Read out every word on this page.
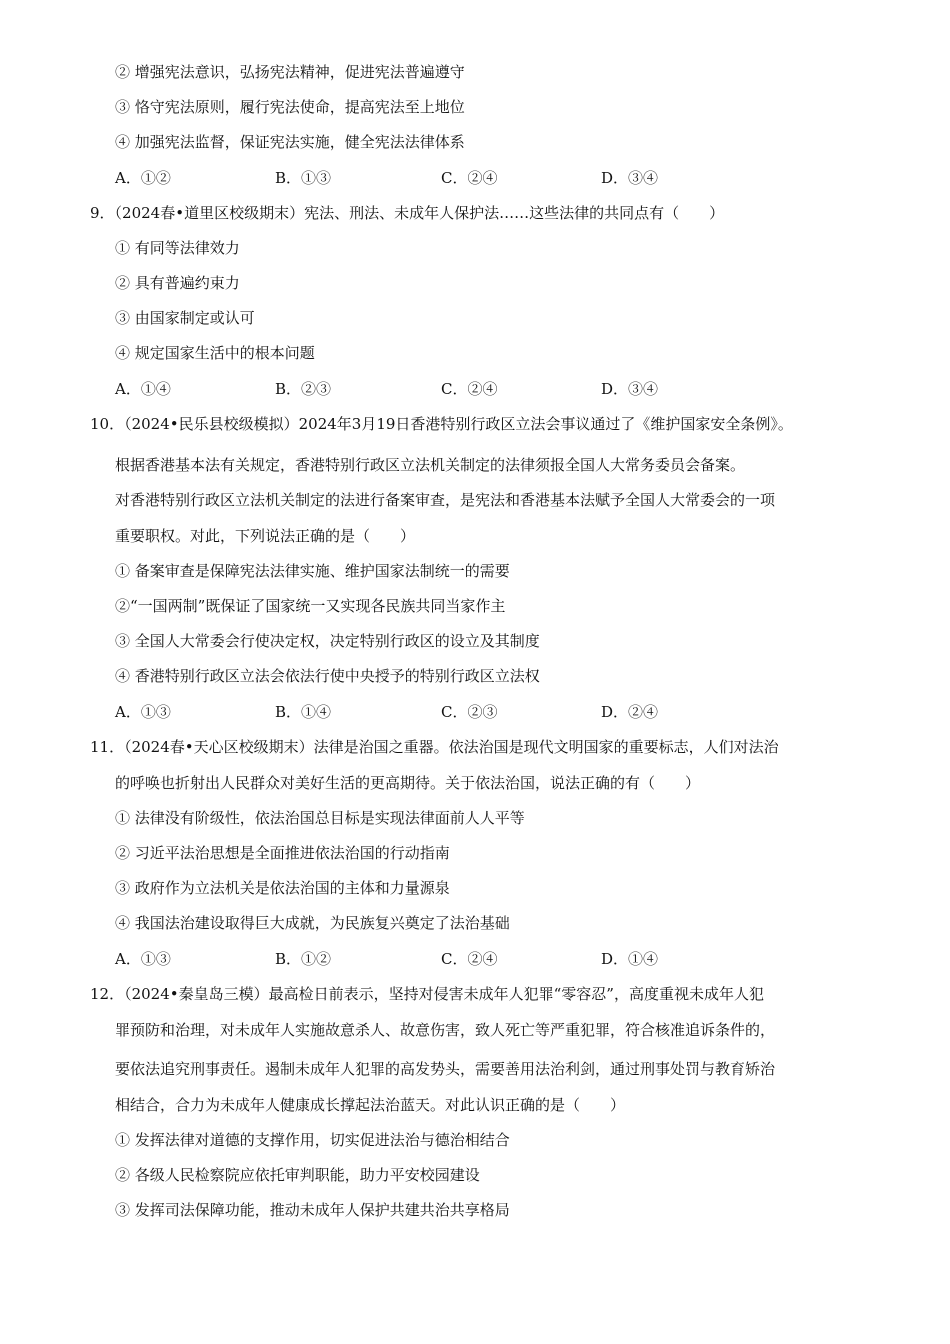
② 增强宪法意识，弘扬宪法精神，促进宪法普遍遵守
③ 恪守宪法原则，履行宪法使命，提高宪法至上地位
④ 加强宪法监督，保证宪法实施，健全宪法法律体系
A．①②	B．①③	C．②④	D．③④
9．（2024春•道里区校级期末）宪法、刑法、未成年人保护法……这些法律的共同点有（　　）
① 有同等法律效力
② 具有普遍约束力
③ 由国家制定或认可
④ 规定国家生活中的根本问题
A．①④	B．②③	C．②④	D．③④
10．（2024•民乐县校级模拟）2024年3月19日香港特别行政区立法会事议通过了《维护国家安全条例》。
根据香港基本法有关规定，香港特别行政区立法机关制定的法律须报全国人大常务委员会备案。
对香港特别行政区立法机关制定的法进行备案审查，是宪法和香港基本法赋予全国人大常委会的一项
重要职权。对此，下列说法正确的是（　　）
① 备案审查是保障宪法法律实施、维护国家法制统一的需要
②“一国两制”既保证了国家统一又实现各民族共同当家作主
③ 全国人大常委会行使决定权，决定特别行政区的设立及其制度
④ 香港特别行政区立法会依法行使中央授予的特别行政区立法权
A．①③	B．①④	C．②③	D．②④
11．（2024春•天心区校级期末）法律是治国之重器。依法治国是现代文明国家的重要标志，人们对法治
的呼唤也折射出人民群众对美好生活的更高期待。关于依法治国，说法正确的有（　　）
① 法律没有阶级性，依法治国总目标是实现法律面前人人平等
② 习近平法治思想是全面推进依法治国的行动指南
③ 政府作为立法机关是依法治国的主体和力量源泉
④ 我国法治建设取得巨大成就，为民族复兴奠定了法治基础
A．①③	B．①②	C．②④	D．①④
12．（2024•秦皇岛三模）最高检日前表示，坚持对侵害未成年人犯罪“零容忍”，高度重视未成年人犯
罪预防和治理，对未成年人实施故意杀人、故意伤害，致人死亡等严重犯罪，符合核准追诉条件的，
要依法追究刑事责任。遏制未成年人犯罪的高发势头，需要善用法治利剑，通过刑事处罚与教育矫治
相结合，合力为未成年人健康成长撑起法治蓝天。对此认识正确的是（　　）
① 发挥法律对道德的支撑作用，切实促进法治与德治相结合
② 各级人民检察院应依托审判职能，助力平安校园建设
③ 发挥司法保障功能，推动未成年人保护共建共治共享格局
